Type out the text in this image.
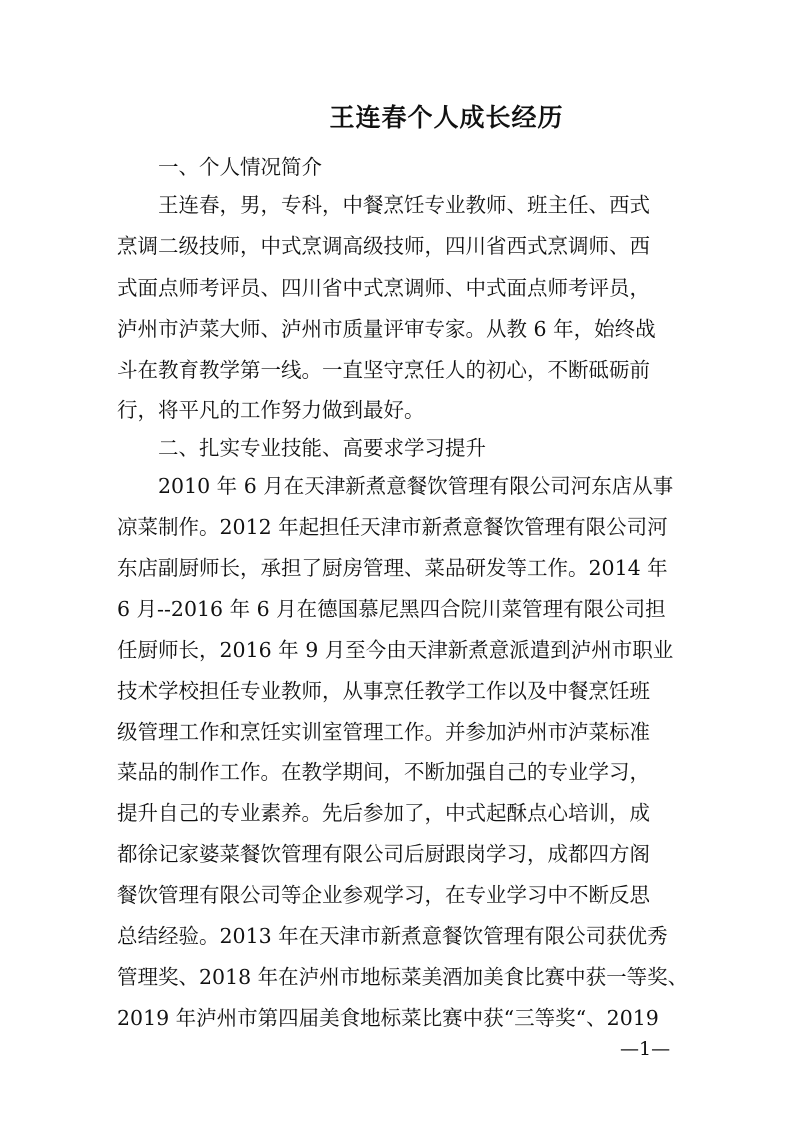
王连春个人成长经历
一、个人情况简介
王连春，男，专科，中餐烹饪专业教师、班主任、西式
烹调二级技师，中式烹调高级技师，四川省西式烹调师、西
式面点师考评员、四川省中式烹调师、中式面点师考评员，
泸州市泸菜大师、泸州市质量评审专家。从教 6 年，始终战
斗在教育教学第一线。一直坚守烹任人的初心，不断砥砺前
行，将平凡的工作努力做到最好。
二、扎实专业技能、高要求学习提升
2010 年 6 月在天津新煮意餐饮管理有限公司河东店从事
凉菜制作。2012 年起担任天津市新煮意餐饮管理有限公司河
东店副厨师长，承担了厨房管理、菜品研发等工作。2014 年
6 月--2016 年 6 月在德国慕尼黑四合院川菜管理有限公司担
任厨师长，2016 年 9 月至今由天津新煮意派遣到泸州市职业
技术学校担任专业教师，从事烹任教学工作以及中餐烹饪班
级管理工作和烹饪实训室管理工作。并参加泸州市泸菜标准
菜品的制作工作。在教学期间，不断加强自己的专业学习，
提升自己的专业素养。先后参加了，中式起酥点心培训，成
都徐记家婆菜餐饮管理有限公司后厨跟岗学习，成都四方阁
餐饮管理有限公司等企业参观学习，在专业学习中不断反思
总结经验。2013 年在天津市新煮意餐饮管理有限公司获优秀
管理奖、2018 年在泸州市地标菜美酒加美食比赛中获一等奖、
2019 年泸州市第四届美食地标菜比赛中获“三等奖“、2019
—1—
